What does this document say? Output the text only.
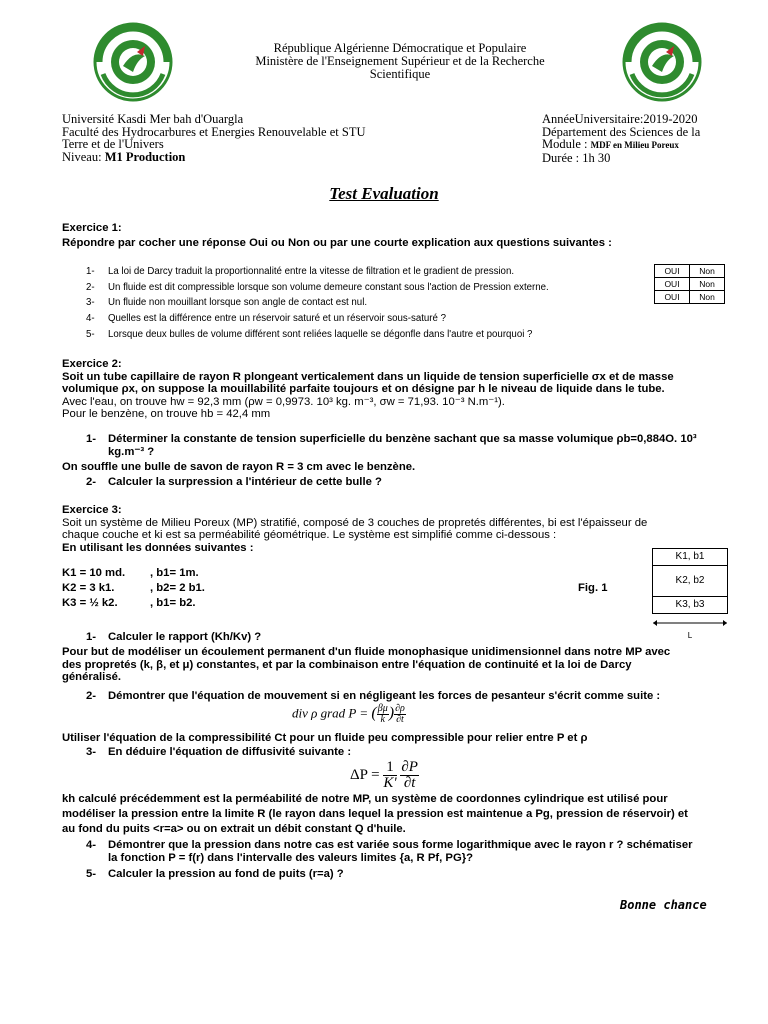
République Algérienne Démocratique et Populaire
Ministère de l'Enseignement Supérieur et de la Recherche
Scientifique
Université Kasdi Mer bah d'Ouargla
Faculté des Hydrocarbures et Energies Renouvelable et STU
Terre et de l'Univers
Niveau: M1 Production
AnnéeUniversitaire:2019-2020
Département des Sciences de la
Module : MDF en Milieu Poreux
Durée : 1h 30
Test Evaluation
Exercice 1:
Répondre par cocher une réponse Oui ou Non ou par une courte explication aux questions suivantes :
1- La loi de Darcy traduit la proportionnalité entre la vitesse de filtration et le gradient de pression.
2- Un fluide est dit compressible lorsque son volume demeure constant sous l'action de Pression externe.
3- Un fluide non mouillant lorsque son angle de contact est nul.
4- Quelles est la différence entre un réservoir saturé et un réservoir sous-saturé ?
5- Lorsque deux bulles de volume différent sont reliées laquelle se dégonfle dans l'autre et pourquoi ?
OUI	Non
OUI	Non
OUI	Non
Exercice 2:
Soit un tube capillaire de rayon R plongeant verticalement dans un liquide de tension superficielle σx et de masse
volumique ρx, on suppose la mouillabilité parfaite toujours et on désigne par h le niveau de liquide dans le tube.
Avec l'eau, on trouve hw = 92,3 mm (ρw = 0,9973. 10³ kg. m⁻³, σw = 71,93. 10⁻³ N.m⁻¹).
Pour le benzène, on trouve hb = 42,4 mm
1- Déterminer la constante de tension superficielle du benzène sachant que sa masse volumique ρb=0,884O. 10³
kg.m⁻³ ?
On souffle une bulle de savon de rayon R = 3 cm avec le benzène.
2- Calculer la surpression a l'intérieur de cette bulle ?
Exercice 3:
Soit un système de Milieu Poreux (MP) stratifié, composé de 3 couches de propretés différentes, bi est l'épaisseur de
chaque couche et ki est sa perméabilité géométrique. Le système est simplifié comme ci-dessous :
En utilisant les données suivantes :
K1 = 10 md. , b1= 1m.
K2 = 3 k1.	, b2= 2 b1.
K3 = ½ k2.	, b1= b2.
Fig. 1
K1, b1
K2, b2
K3, b3
L
1- Calculer le rapport (Kh/Kv) ?
Pour but de modéliser un écoulement permanent d'un fluide monophasique unidimensionnel dans notre MP avec
des propretés (k, β, et μ) constantes, et par la combinaison entre l'équation de continuité et la loi de Darcy
généralisé.
2- Démontrer que l'équation de mouvement si en négligeant les forces de pesanteur s'écrit comme suite :
div ρ grad P = ( $\frac{\beta\mu}{k}$ ) $\frac{\partial\rho}{\partial t}$
Utiliser l'équation de la compressibilité Ct pour un fluide peu compressible pour relier entre P et ρ
3- En déduire l'équation de diffusivité suivante :
$\Delta P = \frac{1}{K'}$
$\frac{\partial P}{\partial t}$
kh calculé précédemment est la perméabilité de notre MP, un système de coordonnes cylindrique est utilisé pour
modéliser la pression entre la limite R (le rayon dans lequel la pression est maintenue a Pg, pression de réservoir) et
au fond du puits <r=a> ou on extrait un débit constant Q d'huile.
4- Démontrer que la pression dans notre cas est variée sous forme logarithmique avec le rayon r ? schématiser
la fonction P = f(r) dans l'intervalle des valeurs limites {a, R Pf, PG}?
5- Calculer la pression au fond de puits (r=a) ?
Bonne chance
